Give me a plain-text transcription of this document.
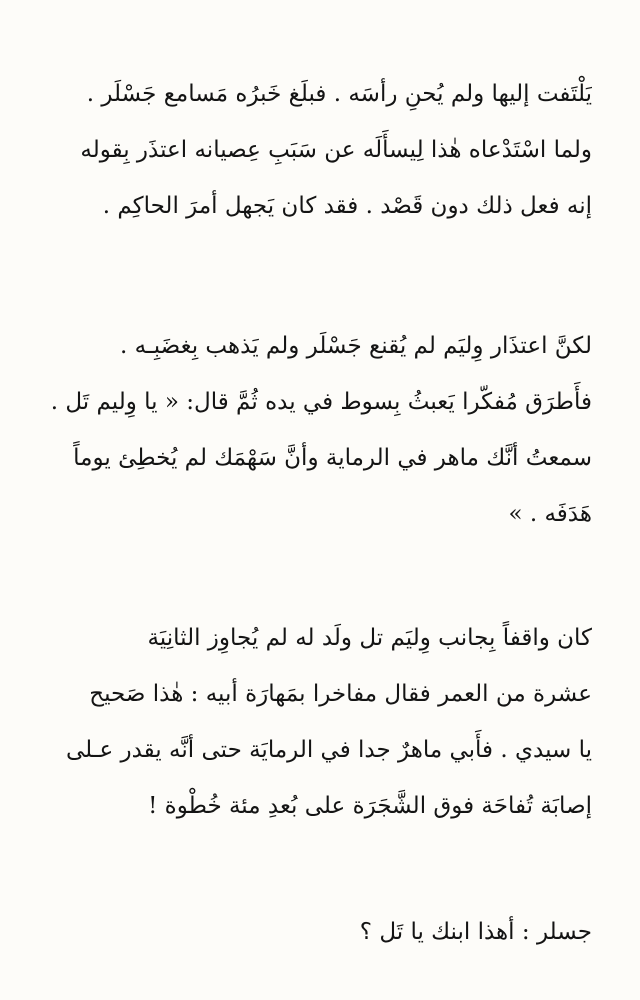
يَلْتَفت إليها ولم يُحنِ رأسَه . فبلَغ خَبرُه مَسامع جَسْلَر .
ولما اسْتَدْعاه هٰذا لِيسأَلَه عن سَبَبِ عِصيانه اعتذَر بِقوله
إنه فعل ذلك دون قَصْد . فقد كان يَجهل أمرَ الحاكِم .

لكنَّ اعتذَار وِليَم لم يُقنع جَسْلَر ولم يَذهب بِغضَبِـه .
فأَطرَق مُفكّرا يَعبثُ بِسوط في يده ثُمَّ قال: « يا وِليم تَل .
سمعتُ أنَّك ماهر في الرماية وأنَّ سَهْمَك لم يُخطِئ يوماً
هَدَفَه . »

كان واقفاً بِجانب وِليَم تل ولَد له لم يُجاوِز الثانِيَة
عشرة من العمر فقال مفاخرا بمَهارَة أبيه : هٰذا صَحيح
يا سيدي . فأَبي ماهرٌ جدا في الرمايَة حتى أنَّه يقدر عـلى
إصابَة تُفاحَة فوق الشَّجَرَة على بُعدِ مئة خُطْوة !

جسلر : أهذا ابنك يا تَل ؟
